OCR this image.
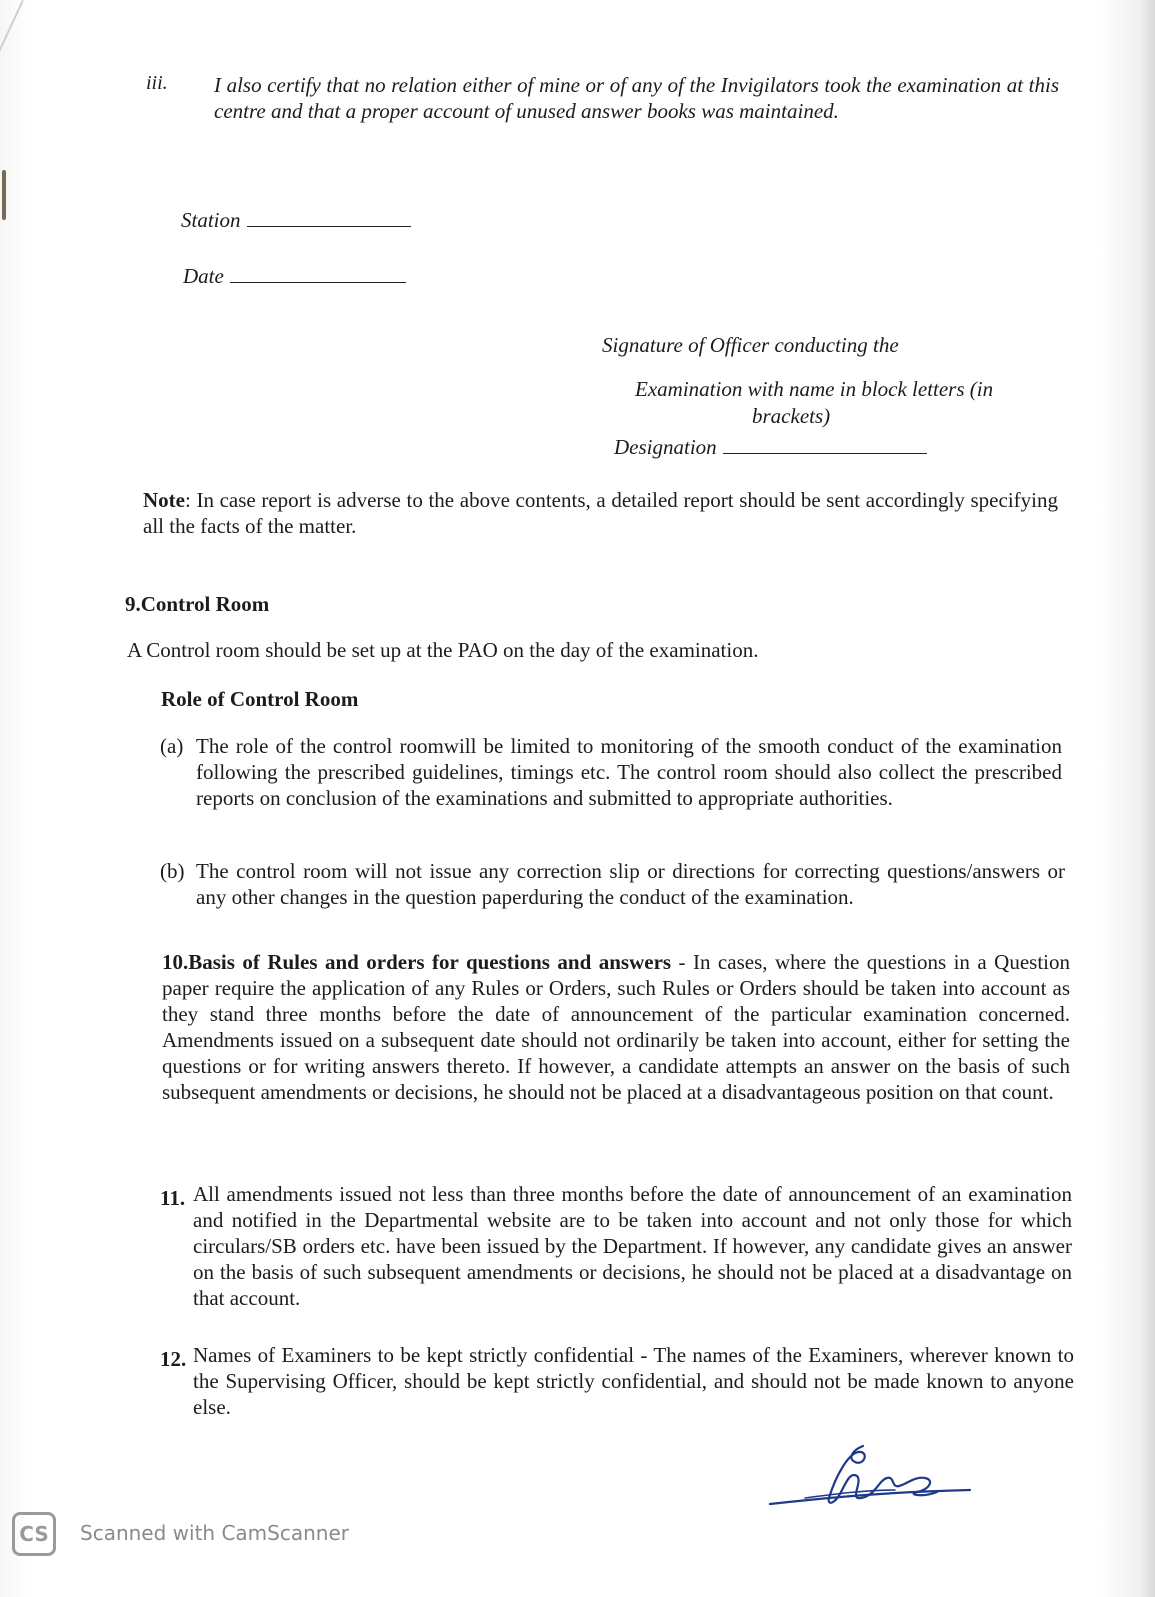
iii. I also certify that no relation either of mine or of any of the Invigilators took the examination at this centre and that a proper account of unused answer books was maintained.
Station
Date
Signature of Officer conducting the
Examination with name in block letters (in
brackets)
Designation
Note: In case report is adverse to the above contents, a detailed report should be sent accordingly specifying all the facts of the matter.
9.Control Room
A Control room should be set up at the PAO on the day of the examination.
Role of Control Room
(a) The role of the control roomwill be limited to monitoring of the smooth conduct of the examination following the prescribed guidelines, timings etc. The control room should also collect the prescribed reports on conclusion of the examinations and submitted to appropriate authorities.
(b) The control room will not issue any correction slip or directions for correcting questions/answers or any other changes in the question paperduring the conduct of the examination.
10.Basis of Rules and orders for questions and answers - In cases, where the questions in a Question paper require the application of any Rules or Orders, such Rules or Orders should be taken into account as they stand three months before the date of announcement of the particular examination concerned. Amendments issued on a subsequent date should not ordinarily be taken into account, either for setting the questions or for writing answers thereto. If however, a candidate attempts an answer on the basis of such subsequent amendments or decisions, he should not be placed at a disadvantageous position on that count.
11. All amendments issued not less than three months before the date of announcement of an examination and notified in the Departmental website are to be taken into account and not only those for which circulars/SB orders etc. have been issued by the Department. If however, any candidate gives an answer on the basis of such subsequent amendments or decisions, he should not be placed at a disadvantage on that account.
12. Names of Examiners to be kept strictly confidential - The names of the Examiners, wherever known to the Supervising Officer, should be kept strictly confidential, and should not be made known to anyone else.
CS	Scanned with CamScanner
